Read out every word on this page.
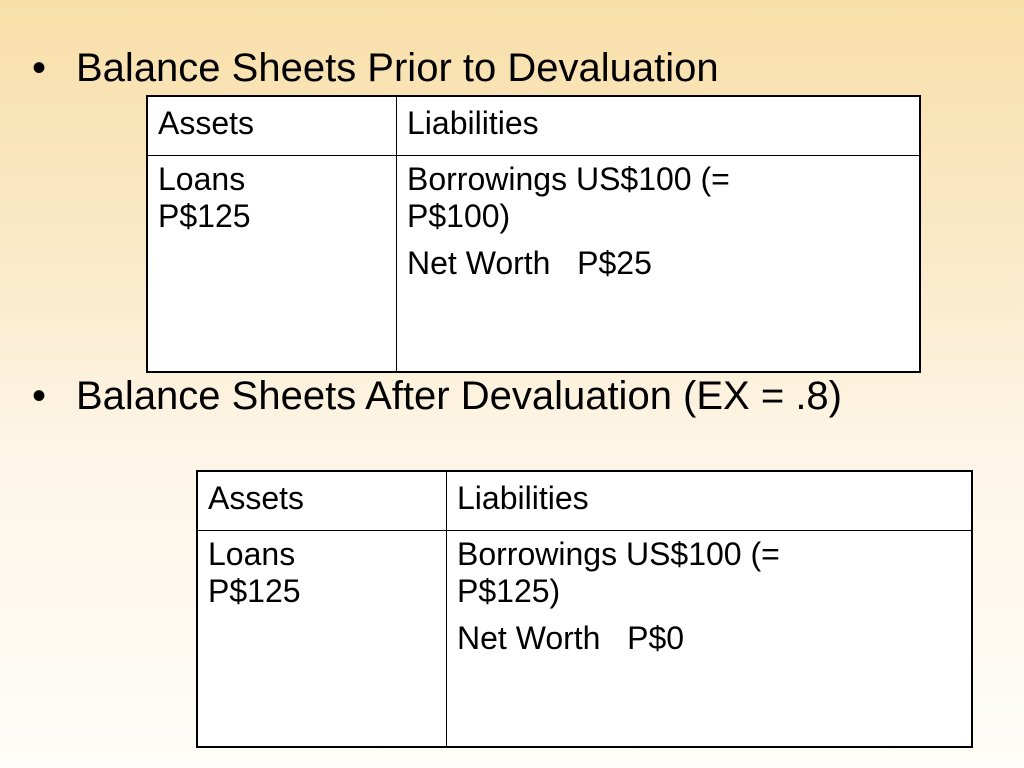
• Balance Sheets Prior to Devaluation
Assets	Liabilities

Loans
P$125	Borrowings US$100 (=
P$100)
Net Worth   P$25
• Balance Sheets After Devaluation (EX = .8)
Assets	Liabilities

Loans
P$125	Borrowings US$100 (=
P$125)
Net Worth   P$0
